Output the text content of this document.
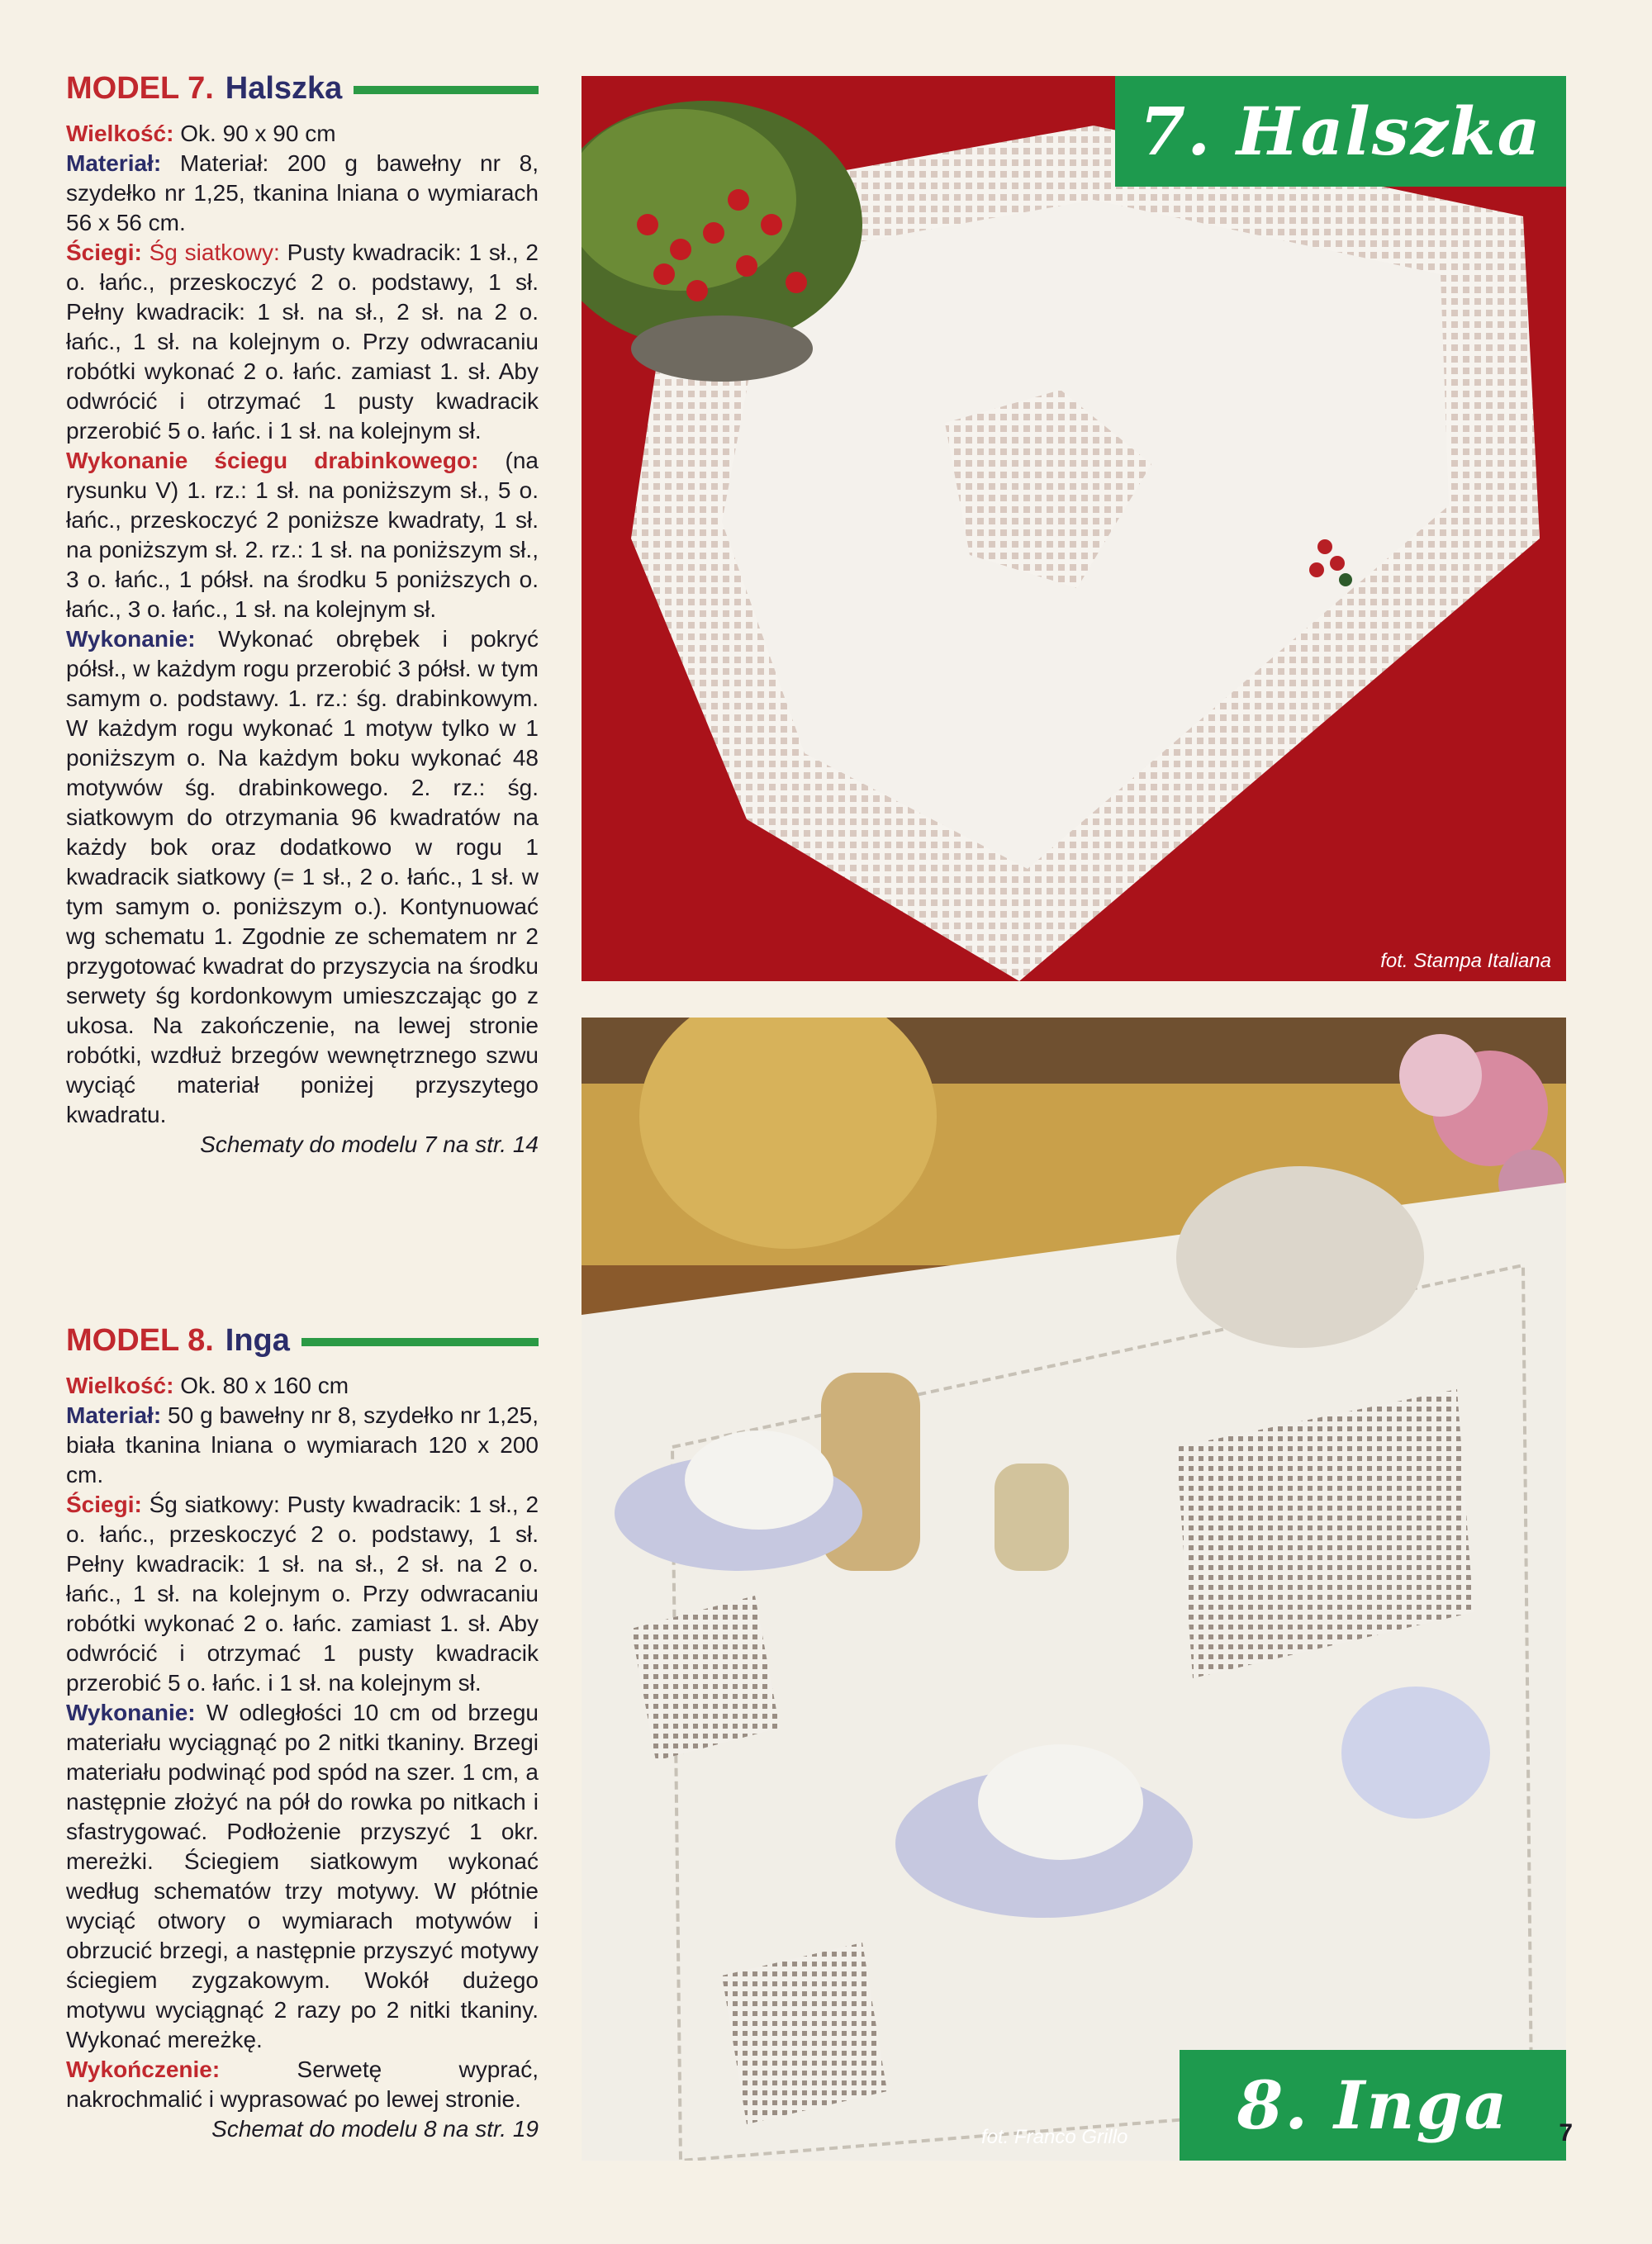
MODEL 7. Halszka

Wielkość: Ok. 90 x 90 cm

Materiał: Materiał: 200 g bawełny nr 8, szydełko nr 1,25, tkanina lniana o wymiarach 56 x 56 cm.

Ściegi: Śg siatkowy: Pusty kwadracik: 1 sł., 2 o. łańc., przeskoczyć 2 o. podstawy, 1 sł. Pełny kwadracik: 1 sł. na sł., 2 sł. na 2 o. łańc., 1 sł. na kolejnym o. Przy odwracaniu robótki wykonać 2 o. łańc. zamiast 1. sł. Aby odwrócić i otrzymać 1 pusty kwadracik przerobić 5 o. łańc. i 1 sł. na kolejnym sł.

Wykonanie ściegu drabinkowego: (na rysunku V) 1. rz.: 1 sł. na poniższym sł., 5 o. łańc., przeskoczyć 2 poniższe kwadraty, 1 sł. na poniższym sł. 2. rz.: 1 sł. na poniższym sł., 3 o. łańc., 1 półsł. na środku 5 poniższych o. łańc., 3 o. łańc., 1 sł. na kolejnym sł.

Wykonanie: Wykonać obrębek i pokryć półsł., w każdym rogu przerobić 3 półsł. w tym samym o. podstawy. 1. rz.: śg. drabinkowym. W każdym rogu wykonać 1 motyw tylko w 1 poniższym o. Na każdym boku wykonać 48 motywów śg. drabinkowego. 2. rz.: śg. siatkowym do otrzymania 96 kwadratów na każdy bok oraz dodatkowo w rogu 1 kwadracik siatkowy (= 1 sł., 2 o. łańc., 1 sł. w tym samym o. poniższym o.). Kontynuować wg schematu 1. Zgodnie ze schematem nr 2 przygotować kwadrat do przyszycia na środku serwety śg kordonkowym umieszczając go z ukosa. Na zakończenie, na lewej stronie robótki, wzdłuż brzegów wewnętrznego szwu wyciąć materiał poniżej przyszytego kwadratu.

Schematy do modelu 7 na str. 14

MODEL 8. Inga

Wielkość: Ok. 80 x 160 cm

Materiał: 50 g bawełny nr 8, szydełko nr 1,25, biała tkanina lniana o wymiarach 120 x 200 cm.

Ściegi: Śg siatkowy: Pusty kwadracik: 1 sł., 2 o. łańc., przeskoczyć 2 o. podstawy, 1 sł. Pełny kwadracik: 1 sł. na sł., 2 sł. na 2 o. łańc., 1 sł. na kolejnym o. Przy odwracaniu robótki wykonać 2 o. łańc. zamiast 1. sł. Aby odwrócić i otrzymać 1 pusty kwadracik przerobić 5 o. łańc. i 1 sł. na kolejnym sł.

Wykonanie: W odległości 10 cm od brzegu materiału wyciągnąć po 2 nitki tkaniny. Brzegi materiału podwinąć pod spód na szer. 1 cm, a następnie złożyć na pół do rowka po nitkach i sfastrygować. Podłożenie przyszyć 1 okr. mereżki. Ściegiem siatkowym wykonać według schematów trzy motywy. W płótnie wyciąć otwory o wymiarach motywów i obrzucić brzegi, a następnie przyszyć motywy ściegiem zygzakowym. Wokół dużego motywu wyciągnąć 2 razy po 2 nitki tkaniny. Wykonać mereżkę.

Wykończenie:	Serwetę wyprać, nakrochmalić i wyprasować po lewej stronie.

Schemat do modelu 8 na str. 19

7. Halszka
fot. Stampa Italiana
8. Inga
fot. Franco Grillo	7
